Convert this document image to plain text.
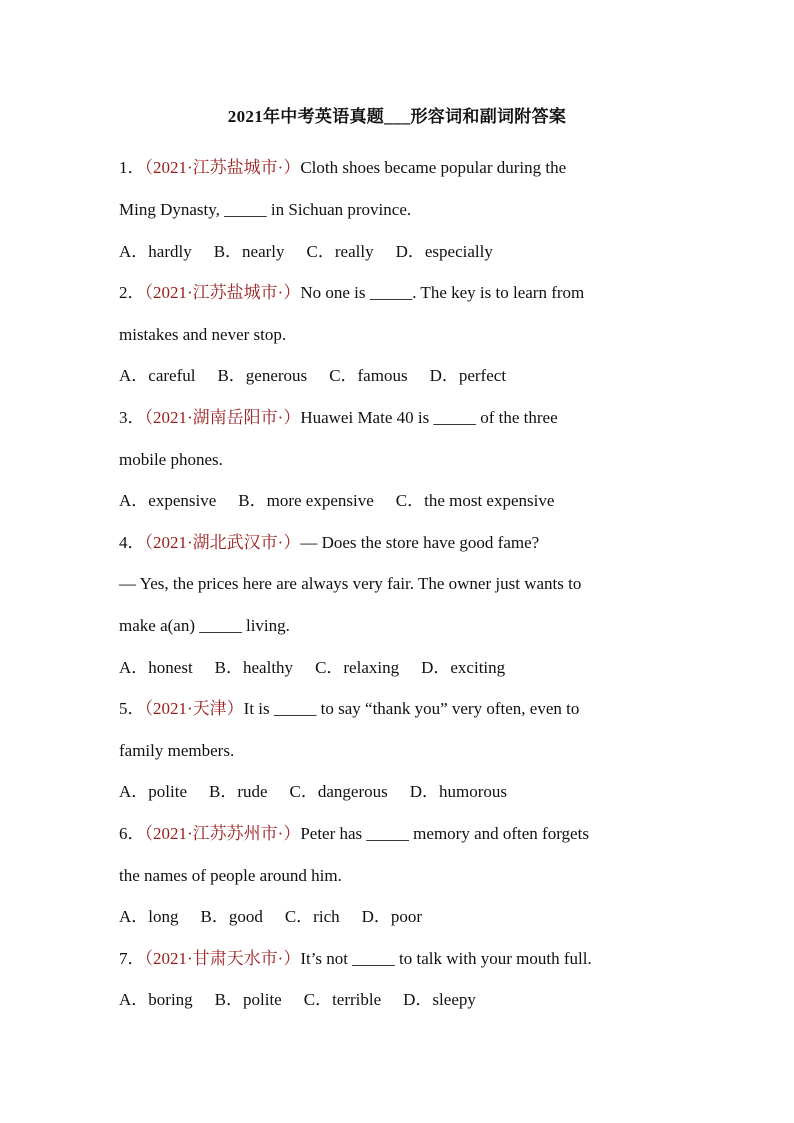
2021年中考英语真题___形容词和副词附答案
1．（2021·江苏盐城市·）Cloth shoes became popular during the
Ming Dynasty, _____ in Sichuan province.
A．hardly B．nearly C．really D．especially
2．（2021·江苏盐城市·）No one is _____. The key is to learn from
mistakes and never stop.
A．careful B．generous C．famous D．perfect
3．（2021·湖南岳阳市·）Huawei Mate 40 is _____ of the three
mobile phones.
A．expensive B．more expensive C．the most expensive
4．（2021·湖北武汉市·）— Does the store have good fame?
— Yes, the prices here are always very fair. The owner just wants to
make a(an) _____ living.
A．honest B．healthy C．relaxing D．exciting
5．（2021·天津）It is _____ to say “thank you” very often, even to
family members.
A．polite B．rude C．dangerous D．humorous
6．（2021·江苏苏州市·）Peter has _____ memory and often forgets
the names of people around him.
A．long B．good C．rich D．poor
7．（2021·甘肃天水市·）It’s not _____ to talk with your mouth full.
A．boring B．polite C．terrible D．sleepy
